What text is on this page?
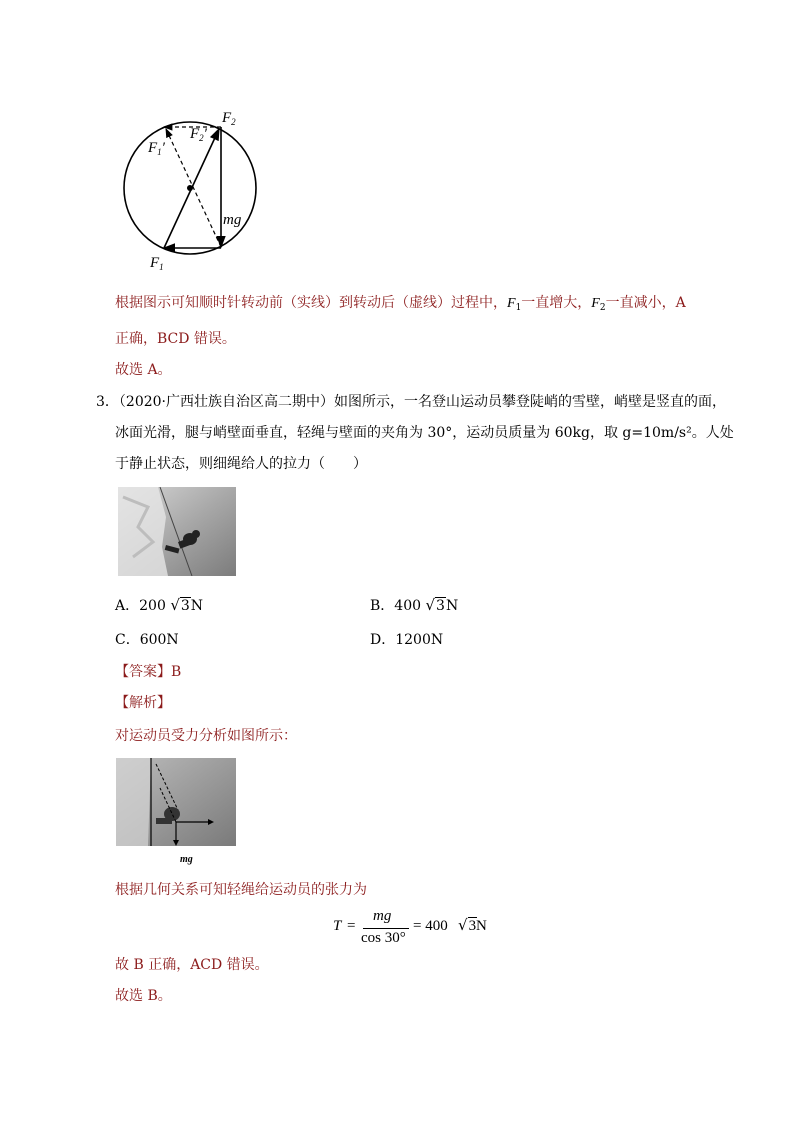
$F_2$
$F_2'$
$F_1'$
mg
$F_1$
根据图示可知顺时针转动前（实线）到转动后（虚线）过程中，$F_1$一直增大，$F_2$一直减小，A
正确，BCD 错误。
故选 A。
3．（2020·广西壮族自治区高二期中）如图所示，一名登山运动员攀登陡峭的雪壁，峭壁是竖直的面，
冰面光滑，腿与峭壁面垂直，轻绳与壁面的夹角为 30°，运动员质量为 60kg，取 g=10m/s²。人处
于静止状态，则细绳给人的拉力（　　）
A．200 √3N	B．400 √3N
C．600N	D．1200N
【答案】B
【解析】
对运动员受力分析如图所示：
mg
根据几何关系可知轻绳给运动员的张力为
T =
mg
cos 30°
= 400 √3 N
故 B 正确，ACD 错误。
故选 B。
